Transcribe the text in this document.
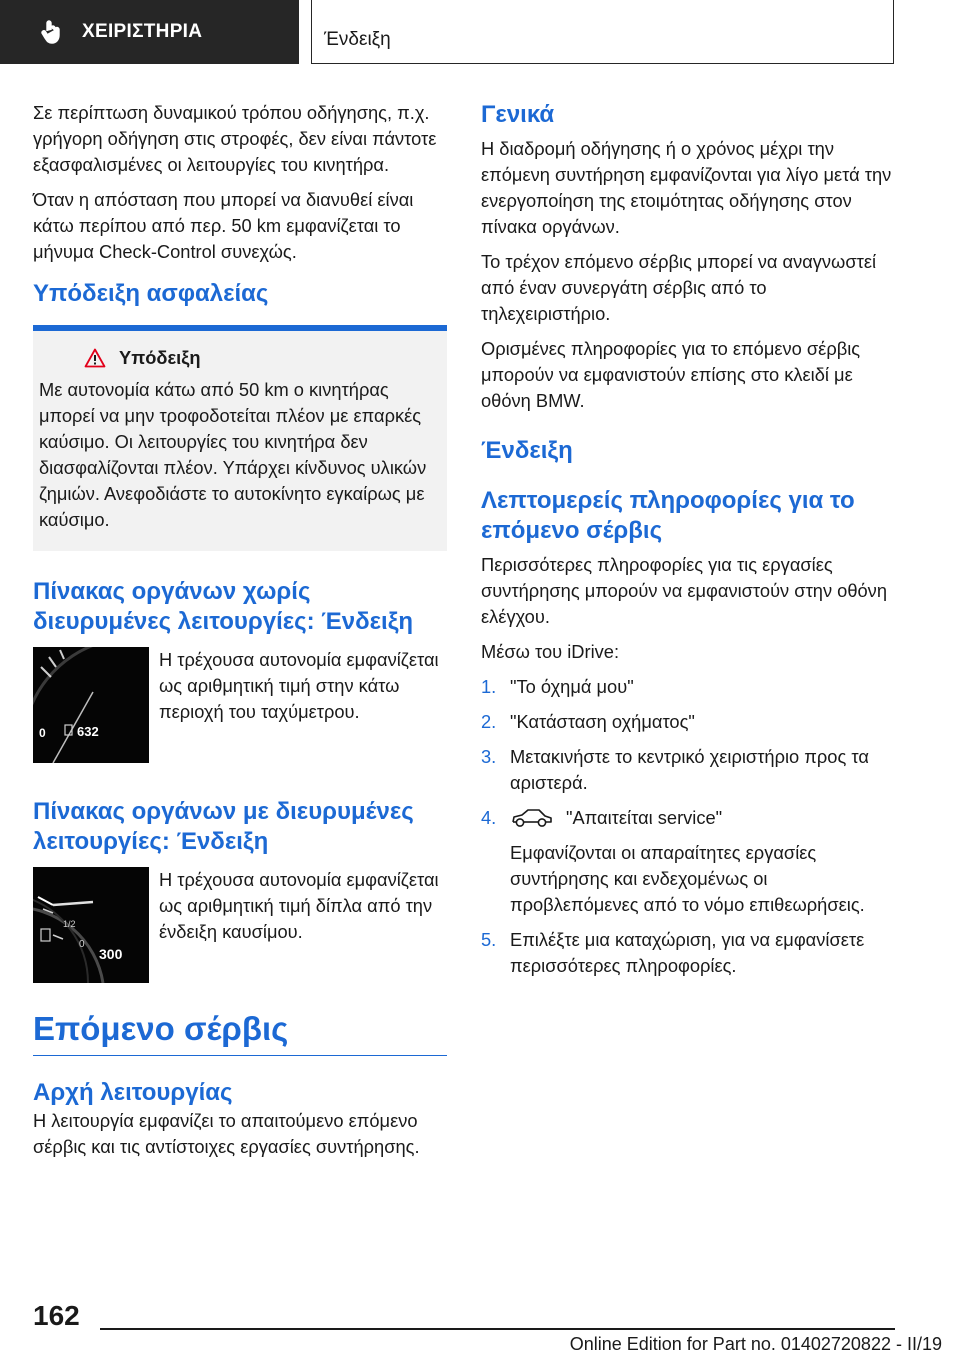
ΧΕΙΡΙΣΤΗΡΙΑ	Ένδειξη

Σε περίπτωση δυναμικού τρόπου οδήγησης, π.χ. γρήγορη οδήγηση στις στροφές, δεν είναι πάντοτε εξασφαλισμένες οι λειτουργίες του κινητήρα.

Όταν η απόσταση που μπορεί να διανυθεί είναι κάτω περίπου από περ. 50 km εμφανίζεται το μήνυμα Check-Control συνεχώς.

Υπόδειξη ασφαλείας
Υπόδειξη

Με αυτονομία κάτω από 50 km ο κινητήρας μπορεί να μην τροφοδοτείται πλέον με επαρκές καύσιμο. Οι λειτουργίες του κινητήρα δεν διασφαλίζονται πλέον. Υπάρχει κίνδυνος υλικών ζημιών. Ανεφοδιάστε το αυτοκίνητο εγκαίρως με καύσιμο.

Πίνακας οργάνων χωρίς διευρυμένες λειτουργίες: Ένδειξη
0 632

Η τρέχουσα αυτονομία εμφανίζεται ως αριθμητική τιμή στην κάτω περιοχή του ταχύμετρου.

Πίνακας οργάνων με διευρυμένες λειτουργίες: Ένδειξη
1/2
0
300

Η τρέχουσα αυτονομία εμφανίζεται ως αριθμητική τιμή δίπλα από την ένδειξη καυσίμου.

Επόμενο σέρβις
Αρχή λειτουργίας

Η λειτουργία εμφανίζει το απαιτούμενο επόμενο σέρβις και τις αντίστοιχες εργασίες συντήρησης.

Γενικά

Η διαδρομή οδήγησης ή ο χρόνος μέχρι την επόμενη συντήρηση εμφανίζονται για λίγο μετά την ενεργοποίηση της ετοιμότητας οδήγησης στον πίνακα οργάνων.

Το τρέχον επόμενο σέρβις μπορεί να αναγνωστεί από έναν συνεργάτη σέρβις από το τηλεχειριστήριο.

Ορισμένες πληροφορίες για το επόμενο σέρβις μπορούν να εμφανιστούν επίσης στο κλειδί με οθόνη BMW.

Ένδειξη
Λεπτομερείς πληροφορίες για το επόμενο σέρβις

Περισσότερες πληροφορίες για τις εργασίες συντήρησης μπορούν να εμφανιστούν στην οθόνη ελέγχου.

Μέσω του iDrive:

1. "Το όχημά μου"
2. "Κατάσταση οχήματος"
3. Μετακινήστε το κεντρικό χειριστήριο προς τα αριστερά.
4.	"Απαιτείται service"
Εμφανίζονται οι απαραίτητες εργασίες συντήρησης και ενδεχομένως οι προβλεπόμενες από το νόμο επιθεωρήσεις.
5. Επιλέξτε μια καταχώριση, για να εμφανίσετε περισσότερες πληροφορίες.
162
Online Edition for Part no. 01402720822 - II/19
